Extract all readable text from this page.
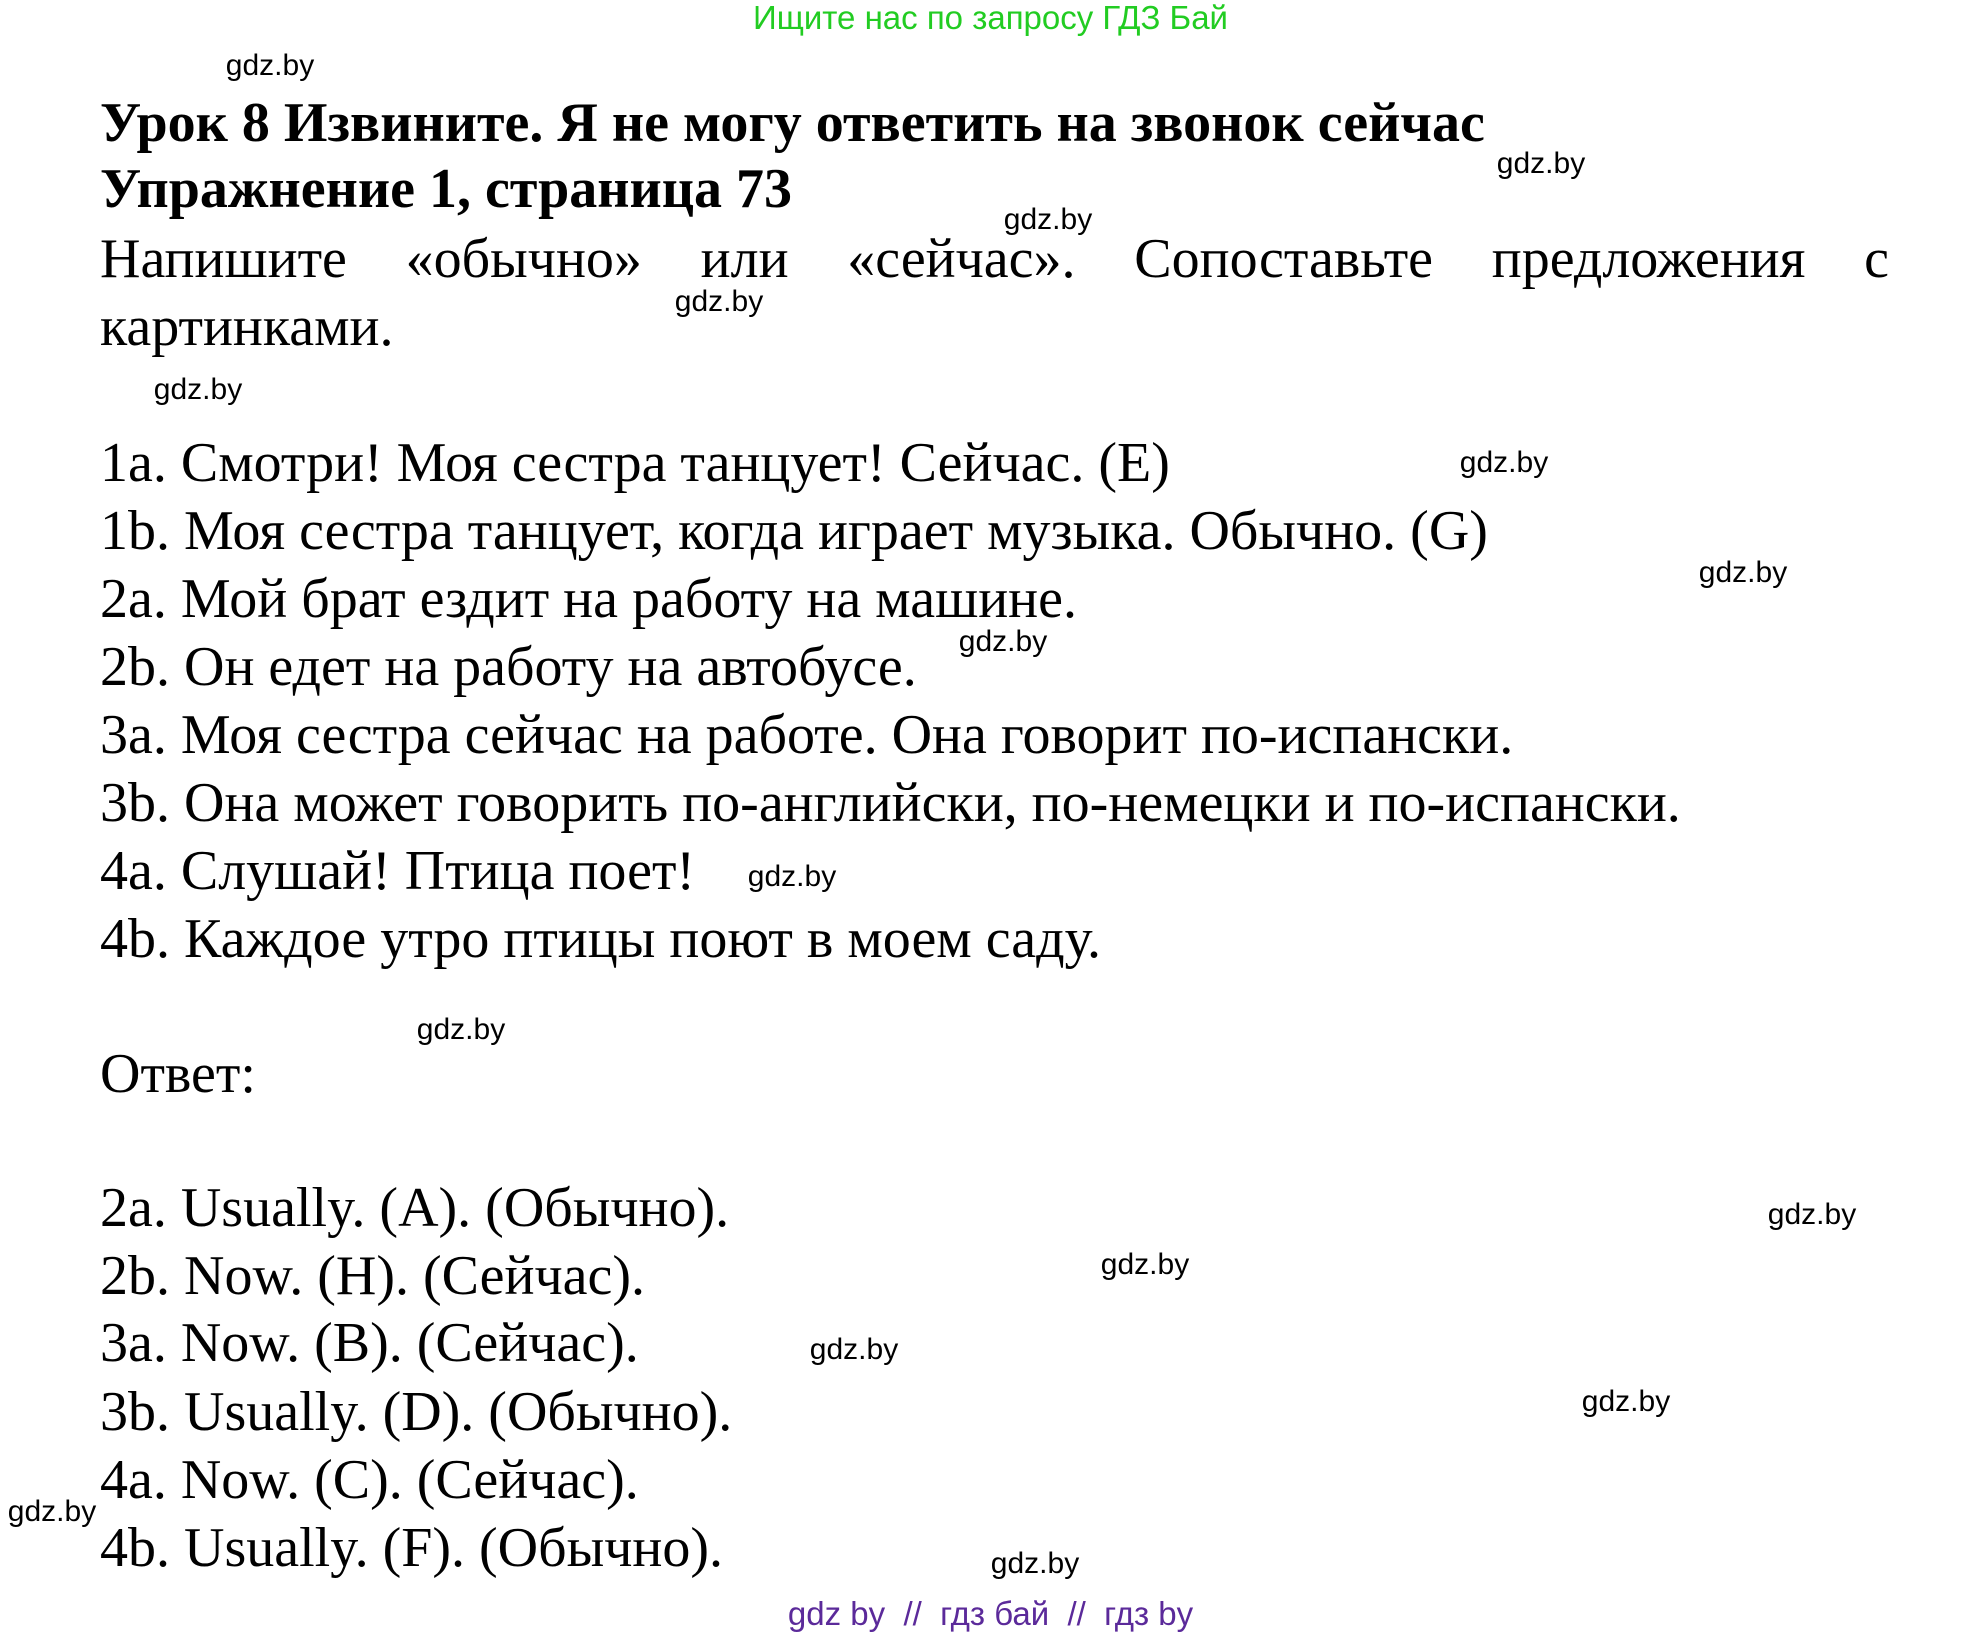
Ищите нас по запросу ГДЗ Бай
Урок 8 Извините. Я не могу ответить на звонок сейчас
Упражнение 1, страница 73
Напишите «обычно» или «сейчас». Сопоставьте предложения с
картинками.
1a. Смотри! Моя сестра танцует! Сейчас. (E)
1b. Моя сестра танцует, когда играет музыка. Обычно. (G)
2a. Мой брат ездит на работу на машине.
2b. Он едет на работу на автобусе.
3a. Моя сестра сейчас на работе. Она говорит по-испански.
3b. Она может говорить по-английски, по-немецки и по-испански.
4a. Слушай! Птица поет!
4b. Каждое утро птицы поют в моем саду.
Ответ:
2a. Usually. (A). (Обычно).
2b. Now. (H). (Сейчас).
3a. Now. (B). (Сейчас).
3b. Usually. (D). (Обычно).
4a. Now. (C). (Сейчас).
4b. Usually. (F). (Обычно).
gdz.by
gdz.by
gdz.by
gdz.by
gdz.by
gdz.by
gdz.by
gdz.by
gdz.by
gdz.by
gdz.by
gdz.by
gdz.by
gdz.by
gdz.by
gdz.by
gdz by  //  гдз бай  //  гдз by
